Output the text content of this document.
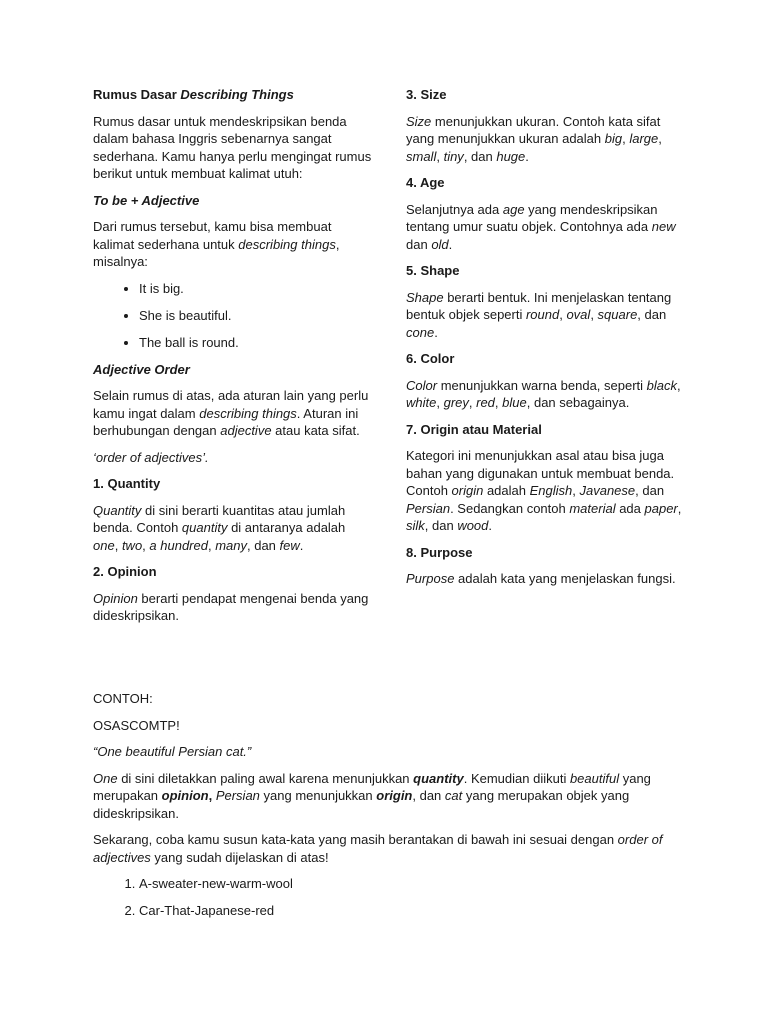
Rumus Dasar Describing Things

Rumus dasar untuk mendeskripsikan benda dalam bahasa Inggris sebenarnya sangat sederhana. Kamu hanya perlu mengingat rumus berikut untuk membuat kalimat utuh:

To be + Adjective

Dari rumus tersebut, kamu bisa membuat kalimat sederhana untuk describing things, misalnya:

• It is big.
• She is beautiful.
• The ball is round.
Adjective Order

Selain rumus di atas, ada aturan lain yang perlu kamu ingat dalam describing things. Aturan ini berhubungan dengan adjective atau kata sifat.

‘order of adjectives’.

1. Quantity

Quantity di sini berarti kuantitas atau jumlah benda. Contoh quantity di antaranya adalah one, two, a hundred, many, dan few.

2. Opinion

Opinion berarti pendapat mengenai benda yang dideskripsikan.

3. Size

Size menunjukkan ukuran. Contoh kata sifat yang menunjukkan ukuran adalah big, large, small, tiny, dan huge.

4. Age

Selanjutnya ada age yang mendeskripsikan tentang umur suatu objek. Contohnya ada new dan old.

5. Shape

Shape berarti bentuk. Ini menjelaskan tentang bentuk objek seperti round, oval, square, dan cone.

6. Color

Color menunjukkan warna benda, seperti black, white, grey, red, blue, dan sebagainya.

7. Origin atau Material

Kategori ini menunjukkan asal atau bisa juga bahan yang digunakan untuk membuat benda. Contoh origin adalah English, Javanese, dan Persian. Sedangkan contoh material ada paper, silk, dan wood.

8. Purpose

Purpose adalah kata yang menjelaskan fungsi.

CONTOH:

OSASCOMTP!

“One beautiful Persian cat.”

One di sini diletakkan paling awal karena menunjukkan quantity. Kemudian diikuti beautiful yang merupakan opinion, Persian yang menunjukkan origin, dan cat yang merupakan objek yang dideskripsikan.

Sekarang, coba kamu susun kata-kata yang masih berantakan di bawah ini sesuai dengan order of adjectives yang sudah dijelaskan di atas!

1. A-sweater-new-warm-wool
2. Car-That-Japanese-red
